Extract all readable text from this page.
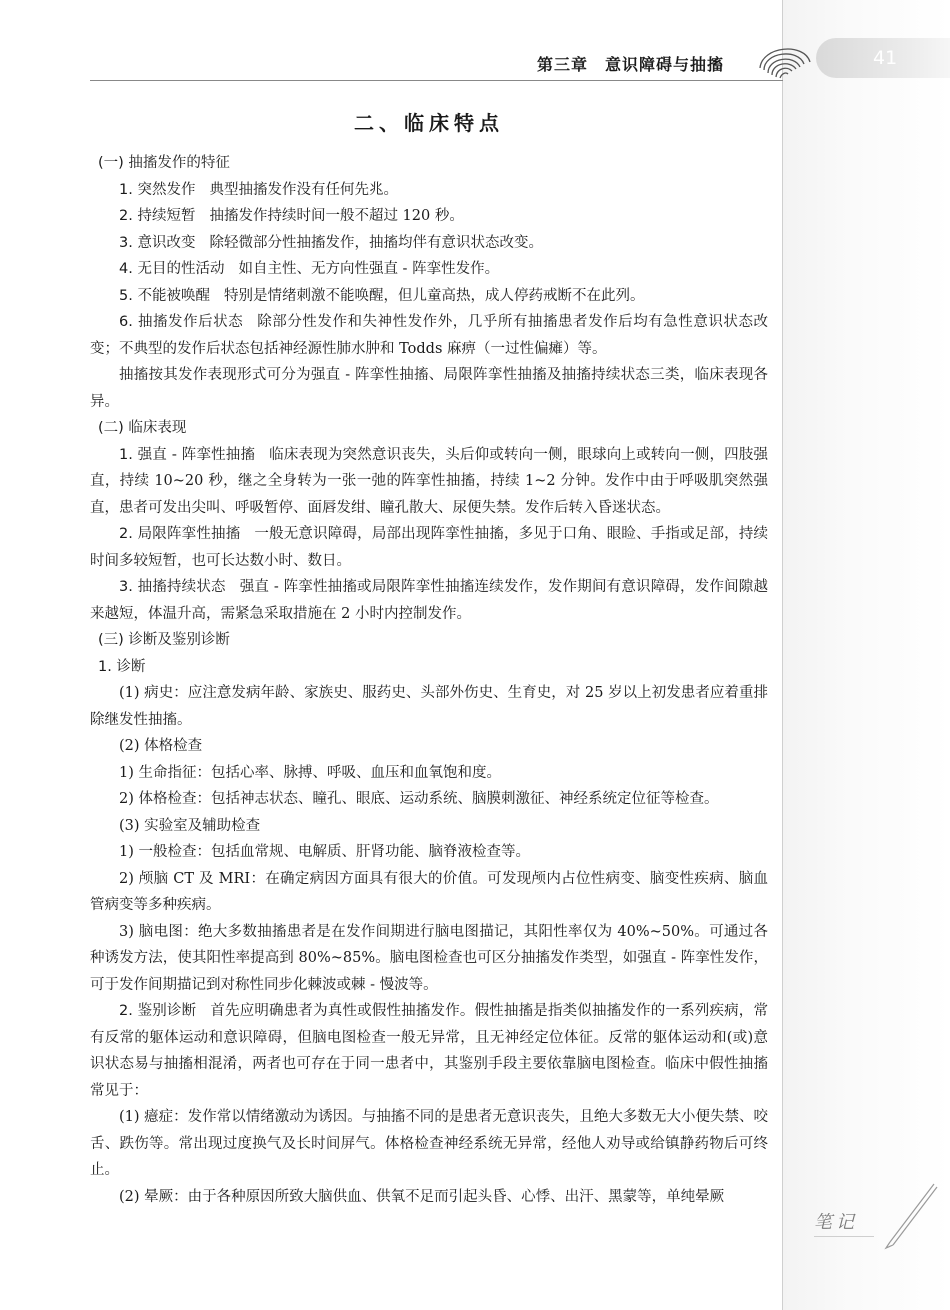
第三章　意识障碍与抽搐	41
二、临床特点

(一) 抽搐发作的特征

1. 突然发作 典型抽搐发作没有任何先兆。

2. 持续短暂 抽搐发作持续时间一般不超过 120 秒。

3. 意识改变 除轻微部分性抽搐发作，抽搐均伴有意识状态改变。

4. 无目的性活动 如自主性、无方向性强直 - 阵挛性发作。

5. 不能被唤醒 特别是情绪刺激不能唤醒，但儿童高热，成人停药戒断不在此列。

6. 抽搐发作后状态 除部分性发作和失神性发作外，几乎所有抽搐患者发作后均有急性意识状态改变；不典型的发作后状态包括神经源性肺水肿和 Todds 麻痹（一过性偏瘫）等。

抽搐按其发作表现形式可分为强直 - 阵挛性抽搐、局限阵挛性抽搐及抽搐持续状态三类，临床表现各异。

(二) 临床表现

1. 强直 - 阵挛性抽搐 临床表现为突然意识丧失，头后仰或转向一侧，眼球向上或转向一侧，四肢强直，持续 10~20 秒，继之全身转为一张一弛的阵挛性抽搐，持续 1~2 分钟。发作中由于呼吸肌突然强直，患者可发出尖叫、呼吸暂停、面唇发绀、瞳孔散大、尿便失禁。发作后转入昏迷状态。

2. 局限阵挛性抽搐 一般无意识障碍，局部出现阵挛性抽搐，多见于口角、眼睑、手指或足部，持续时间多较短暂，也可长达数小时、数日。

3. 抽搐持续状态 强直 - 阵挛性抽搐或局限阵挛性抽搐连续发作，发作期间有意识障碍，发作间隙越来越短，体温升高，需紧急采取措施在 2 小时内控制发作。

(三) 诊断及鉴别诊断

1. 诊断

(1) 病史：应注意发病年龄、家族史、服药史、头部外伤史、生育史，对 25 岁以上初发患者应着重排除继发性抽搐。

(2) 体格检查

1) 生命指征：包括心率、脉搏、呼吸、血压和血氧饱和度。

2) 体格检查：包括神志状态、瞳孔、眼底、运动系统、脑膜刺激征、神经系统定位征等检查。

(3) 实验室及辅助检查

1) 一般检查：包括血常规、电解质、肝肾功能、脑脊液检查等。

2) 颅脑 CT 及 MRI：在确定病因方面具有很大的价值。可发现颅内占位性病变、脑变性疾病、脑血管病变等多种疾病。

3) 脑电图：绝大多数抽搐患者是在发作间期进行脑电图描记，其阳性率仅为 40%~50%。可通过各种诱发方法，使其阳性率提高到 80%~85%。脑电图检查也可区分抽搐发作类型，如强直 - 阵挛性发作，可于发作间期描记到对称性同步化棘波或棘 - 慢波等。

2. 鉴别诊断 首先应明确患者为真性或假性抽搐发作。假性抽搐是指类似抽搐发作的一系列疾病，常有反常的躯体运动和意识障碍，但脑电图检查一般无异常，且无神经定位体征。反常的躯体运动和(或)意识状态易与抽搐相混淆，两者也可存在于同一患者中，其鉴别手段主要依靠脑电图检查。临床中假性抽搐常见于：

(1) 癔症：发作常以情绪激动为诱因。与抽搐不同的是患者无意识丧失，且绝大多数无大小便失禁、咬舌、跌伤等。常出现过度换气及长时间屏气。体格检查神经系统无异常，经他人劝导或给镇静药物后可终止。

(2) 晕厥：由于各种原因所致大脑供血、供氧不足而引起头昏、心悸、出汗、黑蒙等，单纯晕厥

笔记
